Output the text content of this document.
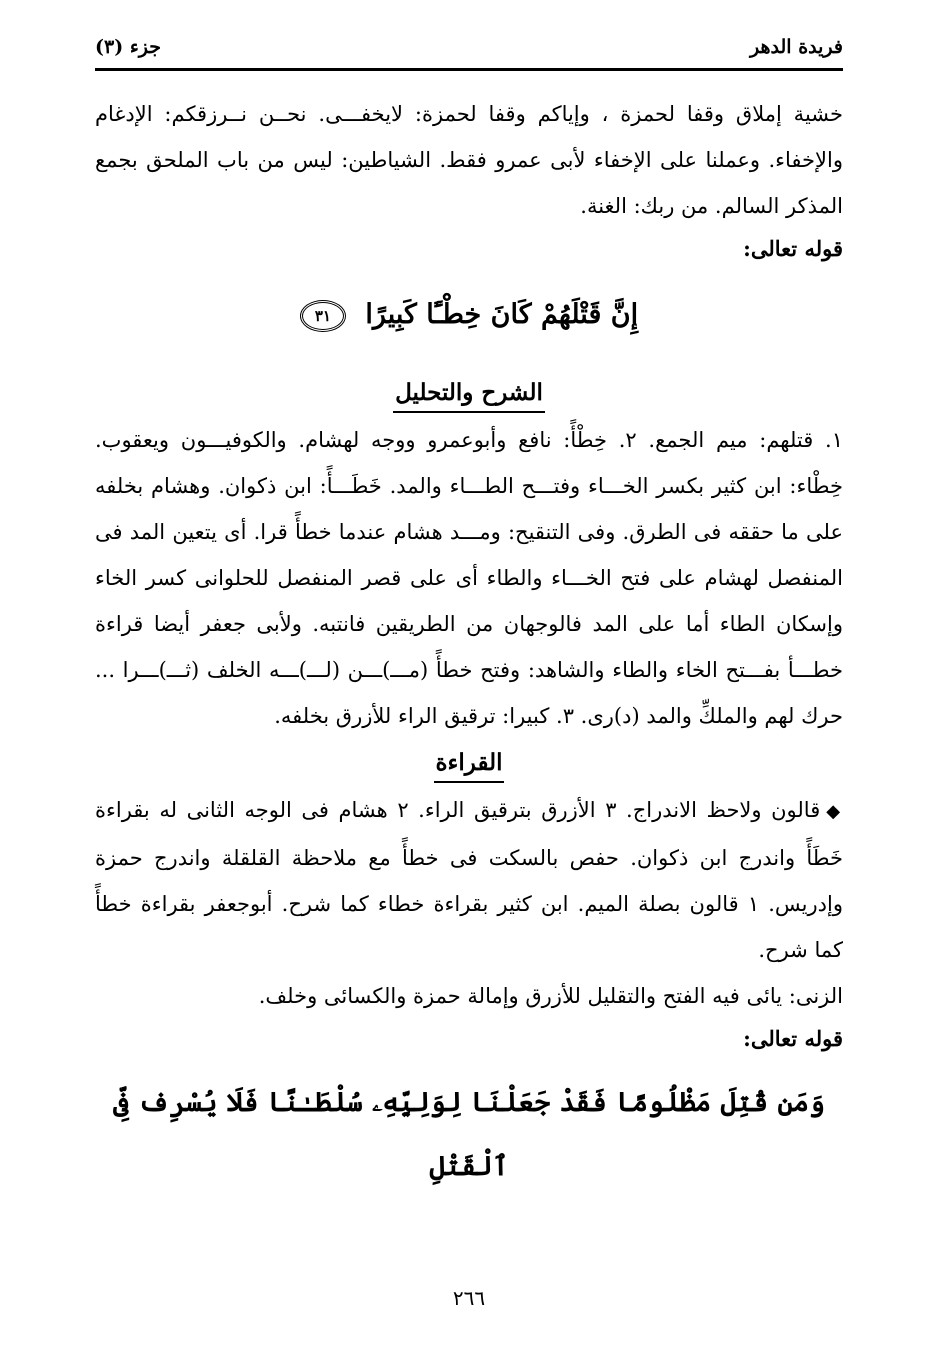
فريدة الدهر
جزء (٣)

خشية إملاق وقفا لحمزة ، وإياكم وقفا لحمزة: لايخفـــى. نحــن نــرزقكم: الإدغام والإخفاء. وعملنا على الإخفاء لأبى عمرو فقط. الشياطين: ليس من باب الملحق بجمع المذكر السالم. من ربك: الغنة.

قوله تعالى:

إِنَّ قَتْلَهُمْ كَانَ خِطْـًٔا كَبِيرًا ٣١
الشرح والتحليل

١. قتلهم: ميم الجمع. ٢. خِطْأً: نافع وأبوعمرو ووجه لهشام. والكوفيـــون ويعقوب. خِطْاء: ابن كثير بكسر الخـــاء وفتـــح الطـــاء والمد. خَطَـــأً: ابن ذكوان. وهشام بخلفه على ما حققه فى الطرق. وفى التنقيح: ومـــد هشام عندما خطأً قرا. أى يتعين المد فى المنفصل لهشام على فتح الخـــاء والطاء أى على قصر المنفصل للحلوانى كسر الخاء وإسكان الطاء أما على المد فالوجهان من الطريقين فانتبه. ولأبى جعفر أيضا قراءة خطـــأ بفـــتح الخاء والطاء والشاهد: وفتح خطأً (مـــ)ـــن (لـــ)ـــه الخلف (ثـــ)ـــرا ... حرك لهم والملكِّ والمد (د)رى. ٣. كبيرا: ترقيق الراء للأزرق بخلفه.

القراءة

◆قالون ولاحظ الاندراج. ٣ الأزرق بترقيق الراء. ٢ هشام فى الوجه الثانى له بقراءة خَطَأً واندرج ابن ذكوان. حفص بالسكت فى خطأً مع ملاحظة القلقلة واندرج حمزة وإدريس. ١ قالون بصلة الميم. ابن كثير بقراءة خطاء كما شرح. أبوجعفر بقراءة خطأً كما شرح.

الزنى: يائى فيه الفتح والتقليل للأزرق وإمالة حمزة والكسائى وخلف.

قوله تعالى:

وَمَن قُتِلَ مَظْلُومًا فَقَدْ جَعَلْنَا لِوَلِيِّهِۦ سُلْطَـٰنًا فَلَا يُسْرِف فِّى ٱلْقَتْلِ
٢٦٦
